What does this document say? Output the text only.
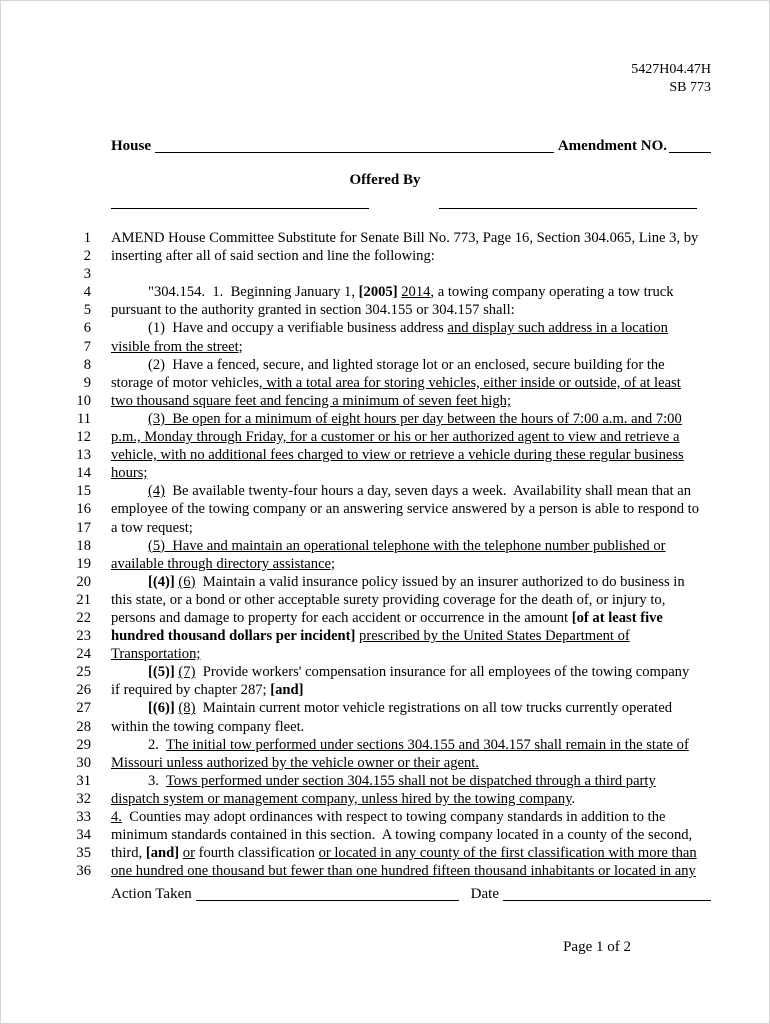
5427H04.47H
SB 773
House	Amendment NO.
Offered By
1	AMEND House Committee Substitute for Senate Bill No. 773, Page 16, Section 304.065, Line 3, by
2	inserting after all of said section and line the following:
3
4	"304.154.  1.  Beginning January 1, [2005] 2014, a towing company operating a tow truck
5	pursuant to the authority granted in section 304.155 or 304.157 shall:
6	(1)  Have and occupy a verifiable business address and display such address in a location
7	visible from the street;
8	(2)  Have a fenced, secure, and lighted storage lot or an enclosed, secure building for the
9	storage of motor vehicles, with a total area for storing vehicles, either inside or outside, of at least
10	two thousand square feet and fencing a minimum of seven feet high;
11	(3)  Be open for a minimum of eight hours per day between the hours of 7:00 a.m. and 7:00
12	p.m., Monday through Friday, for a customer or his or her authorized agent to view and retrieve a
13	vehicle, with no additional fees charged to view or retrieve a vehicle during these regular business
14	hours;
15	(4)  Be available twenty-four hours a day, seven days a week.  Availability shall mean that an
16	employee of the towing company or an answering service answered by a person is able to respond to
17	a tow request;
18	(5)  Have and maintain an operational telephone with the telephone number published or
19	available through directory assistance;
20	[(4)] (6)  Maintain a valid insurance policy issued by an insurer authorized to do business in
21	this state, or a bond or other acceptable surety providing coverage for the death of, or injury to,
22	persons and damage to property for each accident or occurrence in the amount [of at least five
23	hundred thousand dollars per incident] prescribed by the United States Department of
24	Transportation;
25	[(5)] (7)  Provide workers' compensation insurance for all employees of the towing company
26	if required by chapter 287; [and]
27	[(6)] (8)  Maintain current motor vehicle registrations on all tow trucks currently operated
28	within the towing company fleet.
29	2.  The initial tow performed under sections 304.155 and 304.157 shall remain in the state of
30	Missouri unless authorized by the vehicle owner or their agent.
31	3.  Tows performed under section 304.155 shall not be dispatched through a third party
32	dispatch system or management company, unless hired by the towing company.
33	4.  Counties may adopt ordinances with respect to towing company standards in addition to the
34	minimum standards contained in this section.  A towing company located in a county of the second,
35	third, [and] or fourth classification or located in any county of the first classification with more than
36	one hundred one thousand but fewer than one hundred fifteen thousand inhabitants or located in any
Action Taken	Date
Page 1 of 2
